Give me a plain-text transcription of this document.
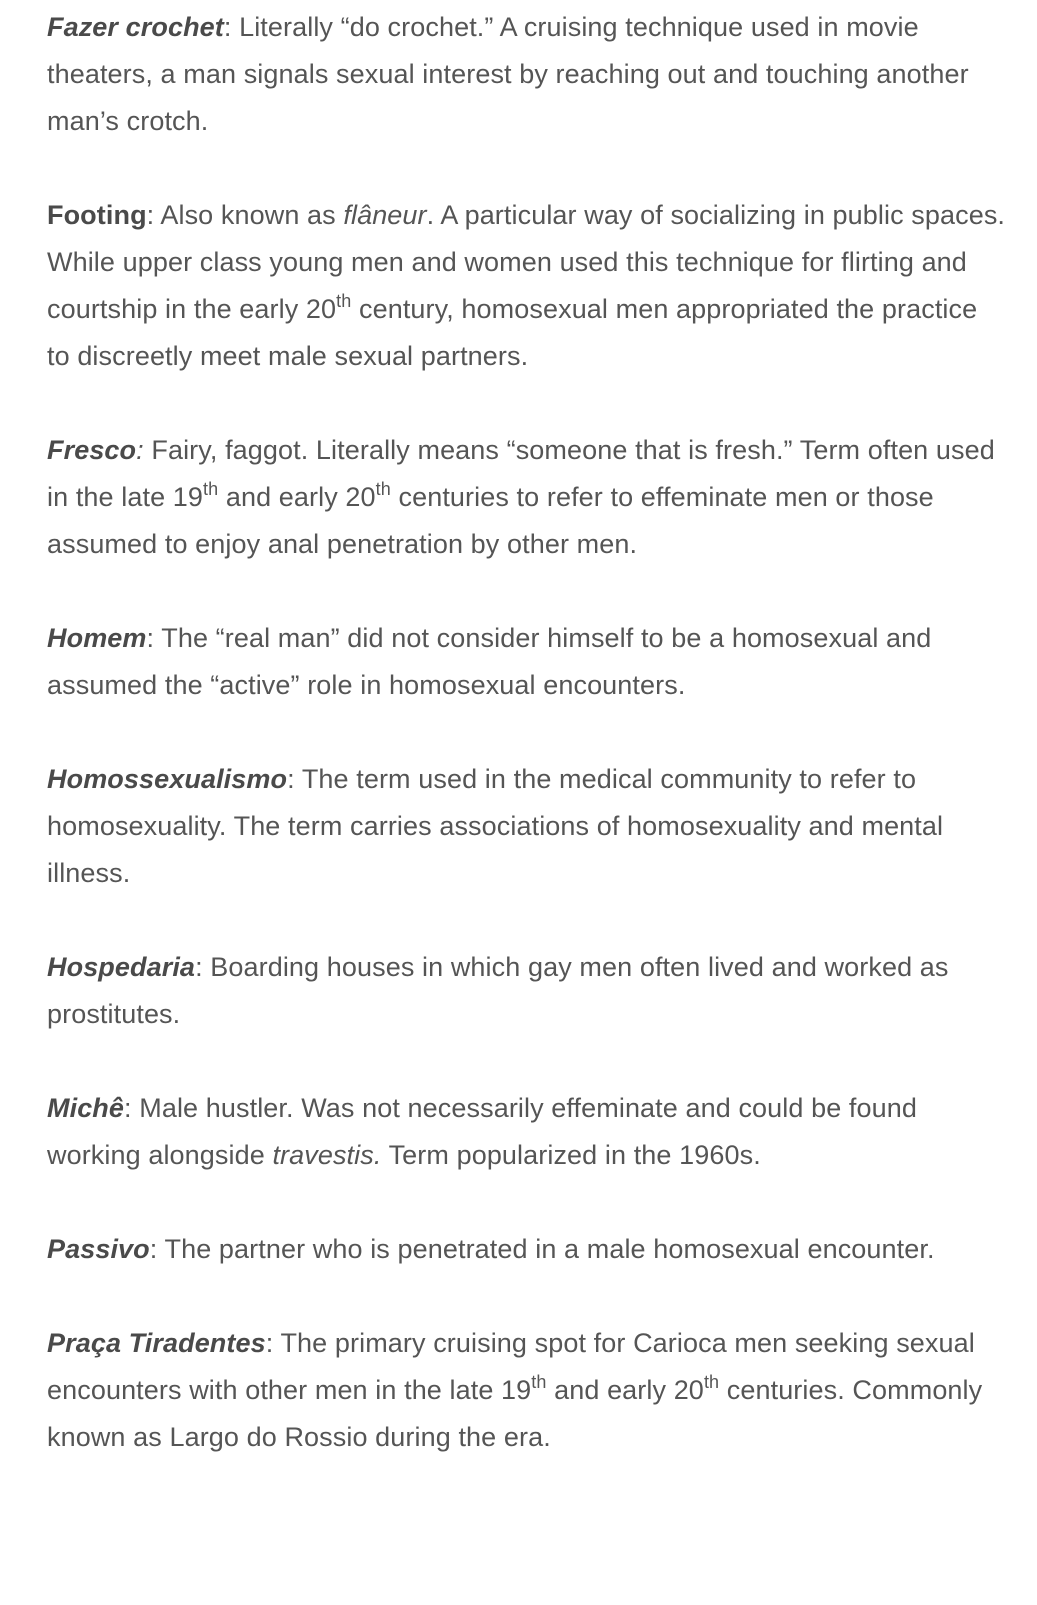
Fazer crochet: Literally “do crochet.” A cruising technique used in movie theaters, a man signals sexual interest by reaching out and touching another man’s crotch.

Footing: Also known as flâneur. A particular way of socializing in public spaces. While upper class young men and women used this technique for flirting and courtship in the early 20th century, homosexual men appropriated the practice to discreetly meet male sexual partners.

Fresco: Fairy, faggot. Literally means “someone that is fresh.” Term often used in the late 19th and early 20th centuries to refer to effeminate men or those assumed to enjoy anal penetration by other men.

Homem: The “real man” did not consider himself to be a homosexual and assumed the “active” role in homosexual encounters.

Homossexualismo: The term used in the medical community to refer to homosexuality. The term carries associations of homosexuality and mental illness.

Hospedaria: Boarding houses in which gay men often lived and worked as prostitutes.

Michê: Male hustler. Was not necessarily effeminate and could be found working alongside travestis. Term popularized in the 1960s.

Passivo: The partner who is penetrated in a male homosexual encounter.

Praça Tiradentes: The primary cruising spot for Carioca men seeking sexual encounters with other men in the late 19th and early 20th centuries. Commonly known as Largo do Rossio during the era.
